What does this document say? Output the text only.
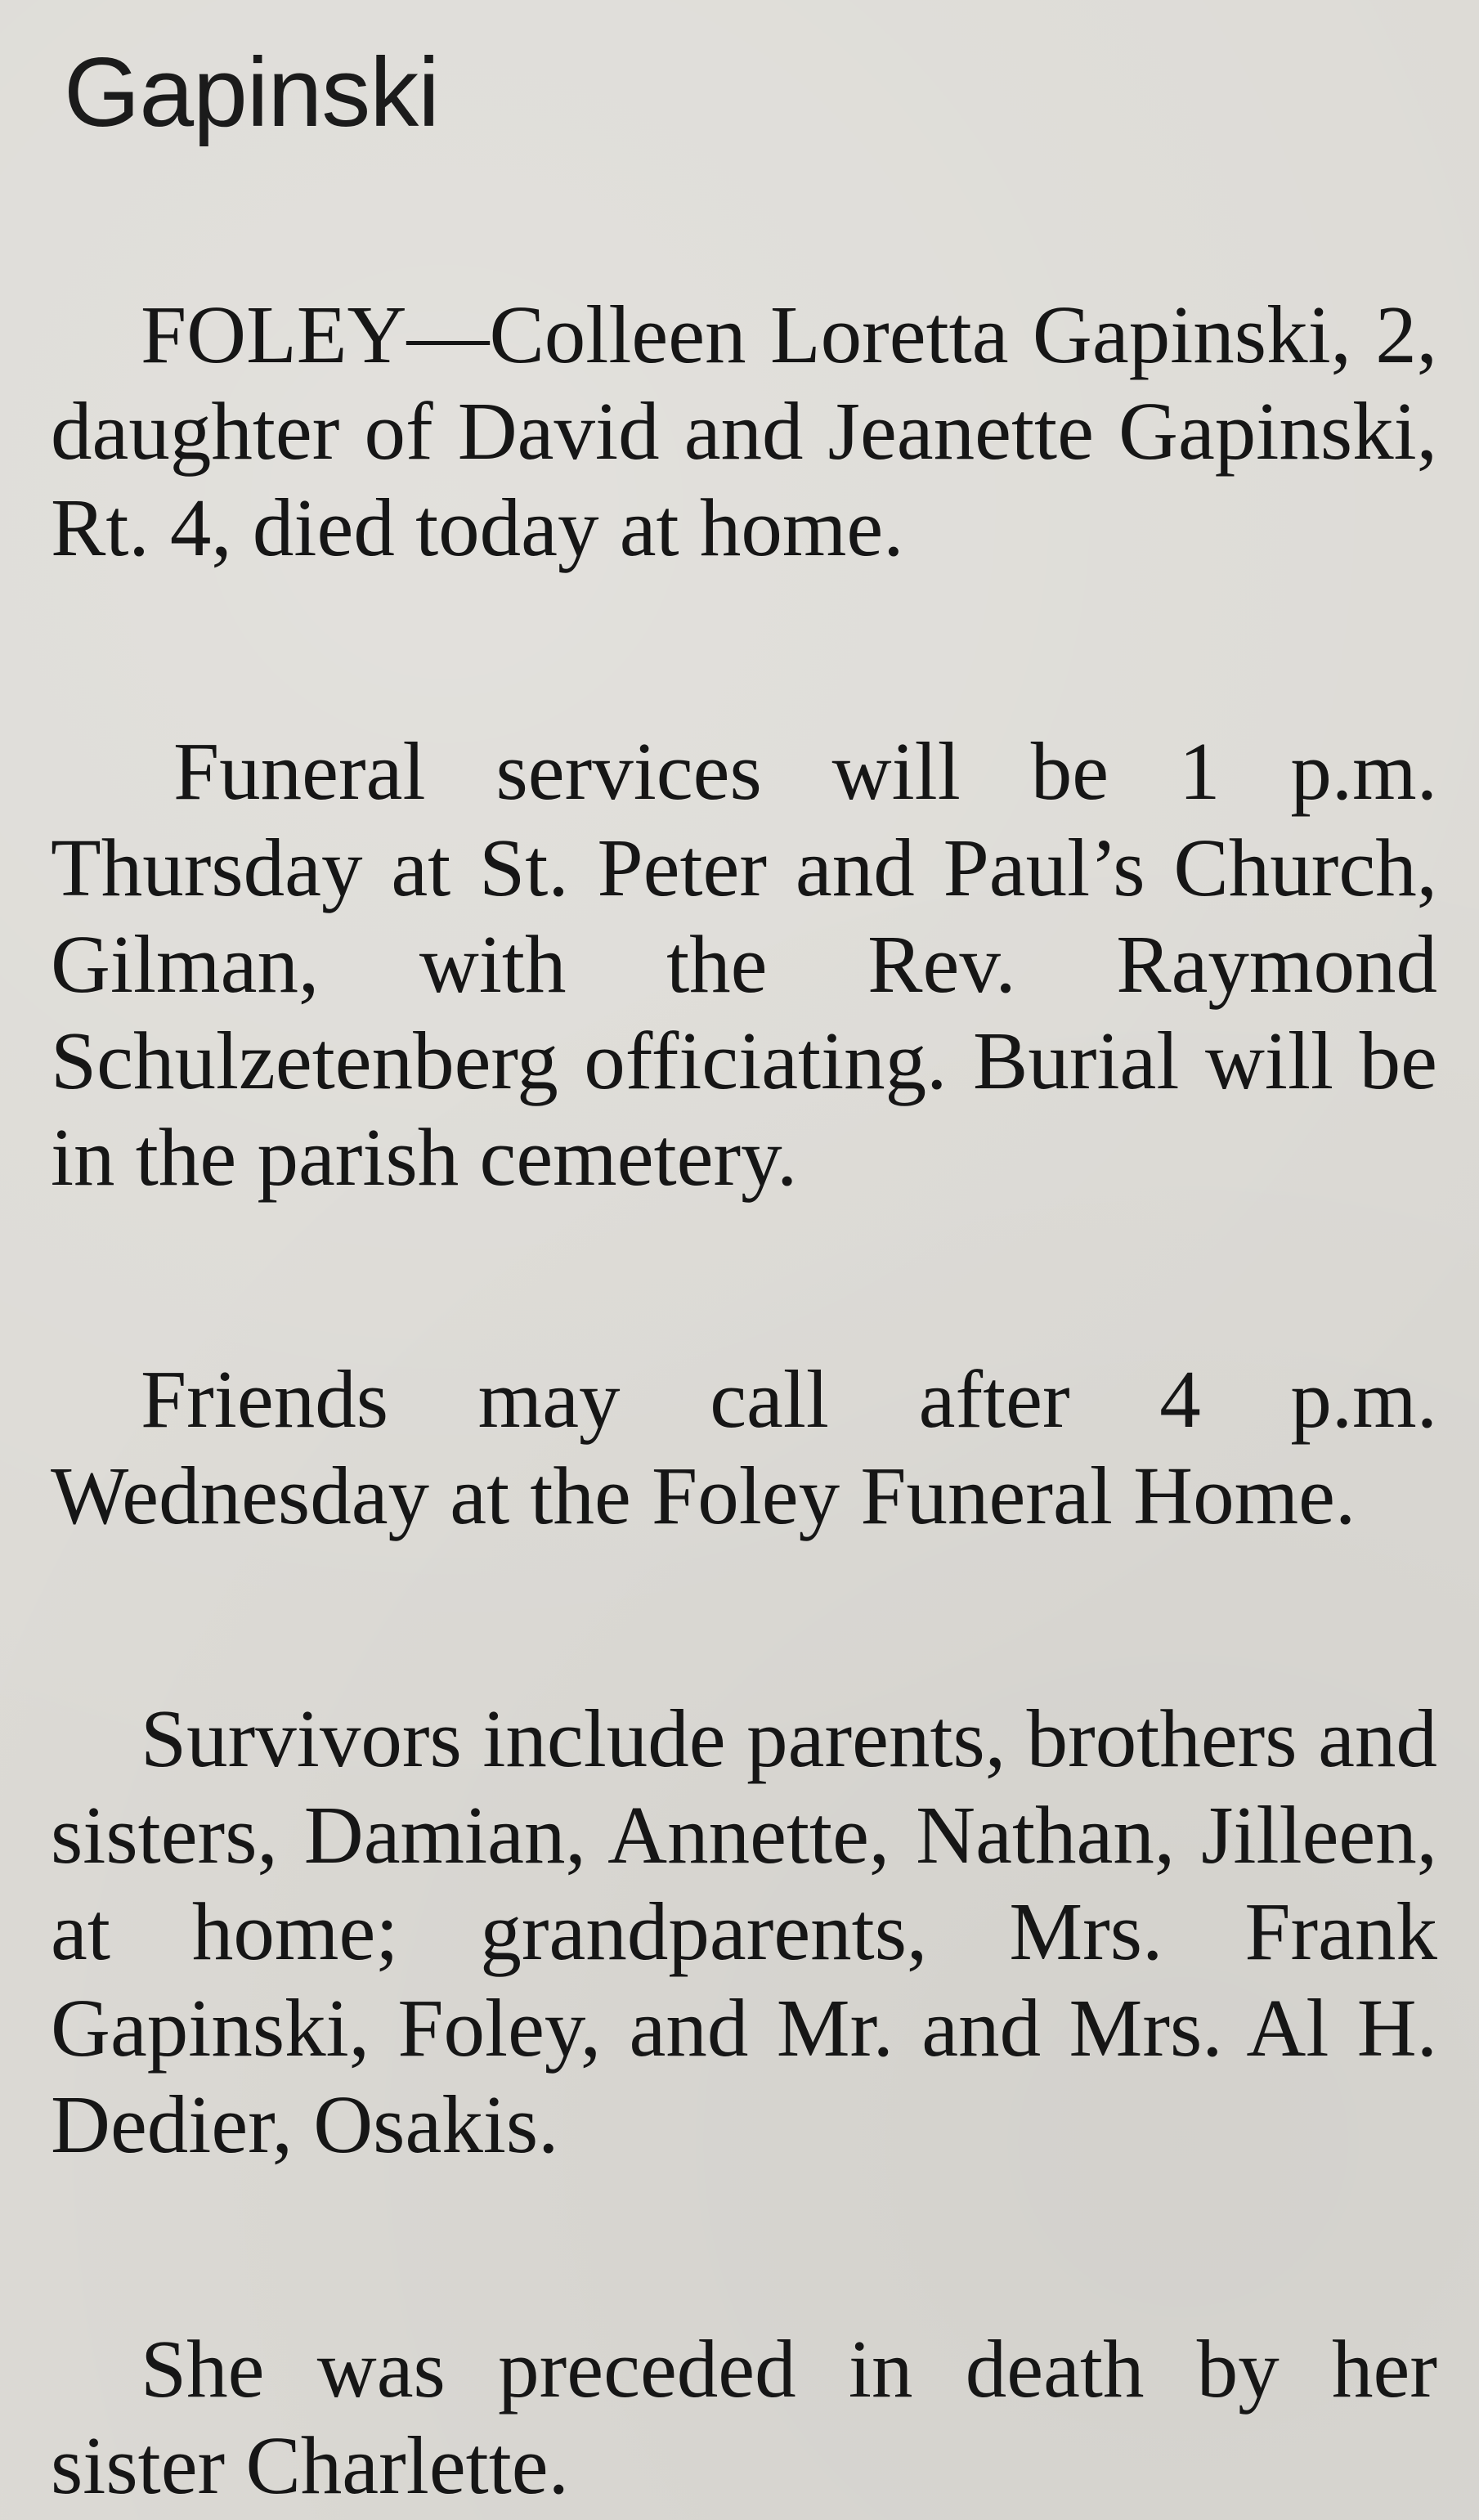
Gapinski

FOLEY—Colleen Loretta Gapinski, 2, daughter of David and Jeanette Gapinski, Rt. 4, died today at home.

Funeral services will be 1 p.m. Thursday at St. Peter and Paul’s Church, Gilman, with the Rev. Raymond Schulzetenberg officiating. Burial will be in the parish cemetery.

Friends may call after 4 p.m. Wednesday at the Foley Funeral Home.

Survivors include parents, brothers and sisters, Damian, Annette, Nathan, Jilleen, at home; grandparents, Mrs. Frank Gapinski, Foley, and Mr. and Mrs. Al H. Dedier, Osakis.

She was preceded in death by her sister Charlette.
